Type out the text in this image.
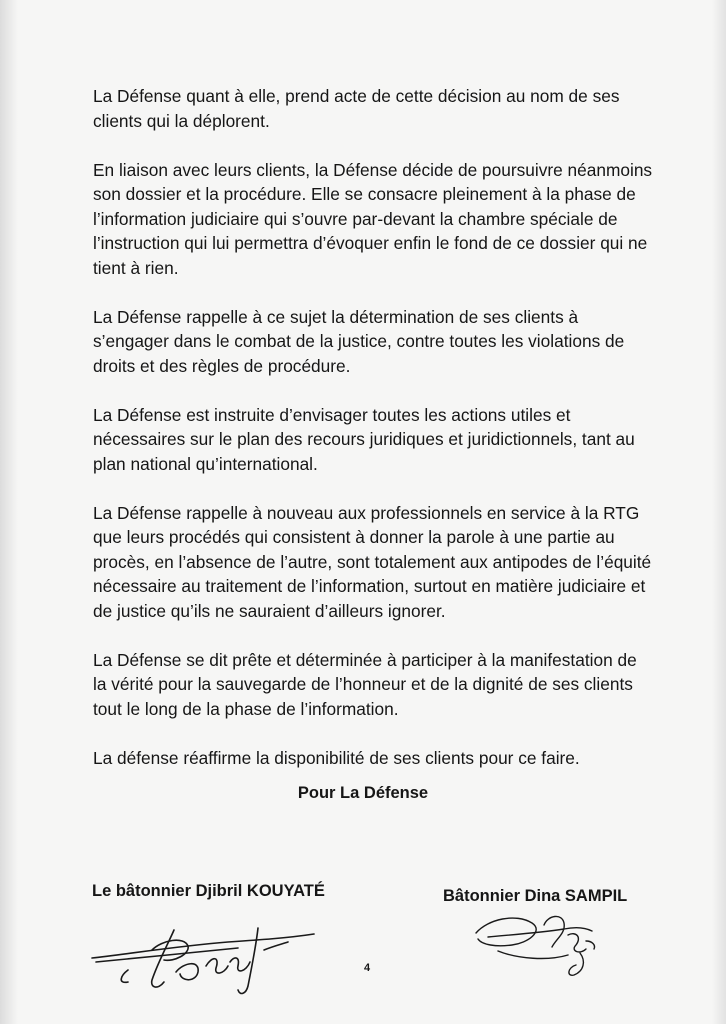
La Défense quant à elle, prend acte de cette décision au nom de ses clients qui la déplorent.

En liaison avec leurs clients, la Défense décide de poursuivre néanmoins son dossier et la procédure. Elle se consacre pleinement à la phase de l’information judiciaire qui s’ouvre par-devant la chambre spéciale de l’instruction qui lui permettra d’évoquer enfin le fond de ce dossier qui ne tient à rien.

La Défense rappelle à ce sujet la détermination de ses clients à s’engager dans le combat de la justice, contre toutes les violations de droits et des règles de procédure.

La Défense est instruite d’envisager toutes les actions utiles et nécessaires sur le plan des recours juridiques et juridictionnels, tant au plan national qu’international.

La Défense rappelle à nouveau aux professionnels en service à la RTG que leurs procédés qui consistent à donner la parole à une partie au procès, en l’absence de l’autre, sont totalement aux antipodes de l’équité nécessaire au traitement de l’information, surtout en matière judiciaire et de justice qu’ils ne sauraient d’ailleurs ignorer.

La Défense se dit prête et déterminée à participer à la manifestation de la vérité pour la sauvegarde de l’honneur et de la dignité de ses clients tout le long de la phase de l’information.

La défense réaffirme la disponibilité de ses clients pour ce faire.

Pour La Défense
Le bâtonnier Djibril KOUYATÉ	Bâtonnier Dina SAMPIL
4
